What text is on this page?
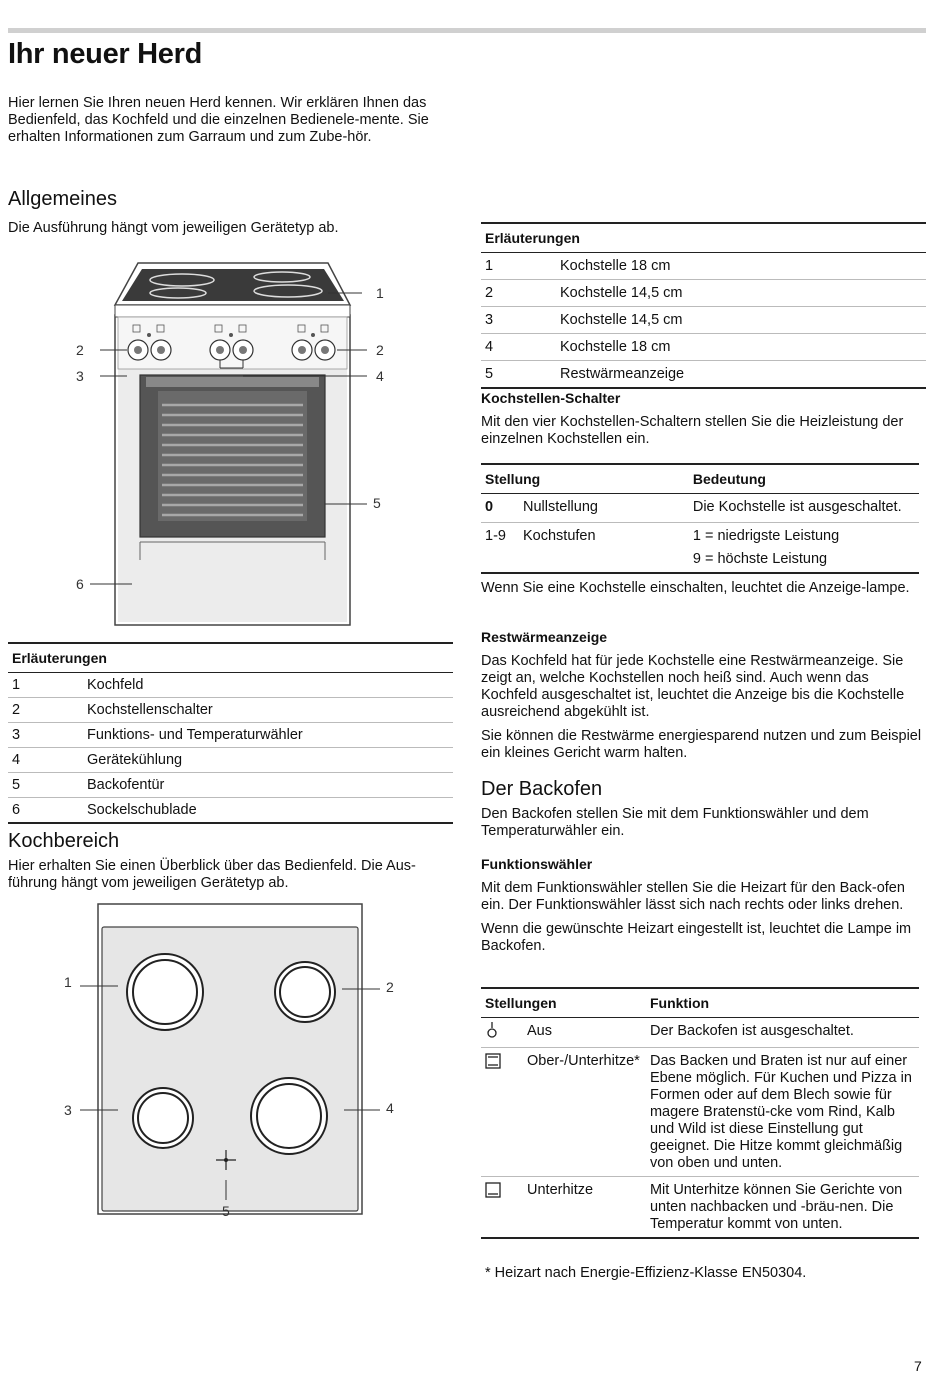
Ihr neuer Herd

Hier lernen Sie Ihren neuen Herd kennen. Wir erklären Ihnen das Bedienfeld, das Kochfeld und die einzelnen Bedienele-mente. Sie erhalten Informationen zum Garraum und zum Zube-hör.

Allgemeines

Die Ausführung hängt vom jeweiligen Gerätetyp ab.

1
2
3	4
2
5
6
Erläuterungen	
1	Kochfeld
2	Kochstellenschalter
3	Funktions- und Temperaturwähler
4	Gerätekühlung
5	Backofentür
6	Sockelschublade
Kochbereich

Hier erhalten Sie einen Überblick über das Bedienfeld. Die Aus-führung hängt vom jeweiligen Gerätetyp ab.

1	2
3	4
5
Erläuterungen	
1	Kochstelle 18 cm
2	Kochstelle 14,5 cm
3	Kochstelle 14,5 cm
4	Kochstelle 18 cm
5	Restwärmeanzeige
Kochstellen-Schalter

Mit den vier Kochstellen-Schaltern stellen Sie die Heizleistung der einzelnen Kochstellen ein.

Stellung		Bedeutung
0	Nullstellung	Die Kochstelle ist ausgeschaltet.
1-9	Kochstufen	1 = niedrigste Leistung
9 = höchste Leistung

Wenn Sie eine Kochstelle einschalten, leuchtet die Anzeige-lampe.

Restwärmeanzeige

Das Kochfeld hat für jede Kochstelle eine Restwärmeanzeige. Sie zeigt an, welche Kochstellen noch heiß sind. Auch wenn das Kochfeld ausgeschaltet ist, leuchtet die Anzeige bis die Kochstelle ausreichend abgekühlt ist.

Sie können die Restwärme energiesparend nutzen und zum Beispiel ein kleines Gericht warm halten.

Der Backofen

Den Backofen stellen Sie mit dem Funktionswähler und dem Temperaturwähler ein.

Funktionswähler

Mit dem Funktionswähler stellen Sie die Heizart für den Back-ofen ein. Der Funktionswähler lässt sich nach rechts oder links drehen.

Wenn die gewünschte Heizart eingestellt ist, leuchtet die Lampe im Backofen.

Stellungen		Funktion
	Aus	Der Backofen ist ausgeschaltet.
	Ober-/Unterhitze*	Das Backen und Braten ist nur auf einer Ebene möglich. Für Kuchen und Pizza in Formen oder auf dem Blech sowie für magere Bratenstü-cke vom Rind, Kalb und Wild ist diese Einstellung gut geeignet. Die Hitze kommt gleichmäßig von oben und unten.
	Unterhitze	Mit Unterhitze können Sie Gerichte von unten nachbacken und -bräu-nen. Die Temperatur kommt von unten.

* Heizart nach Energie-Effizienz-Klasse EN50304.

7
